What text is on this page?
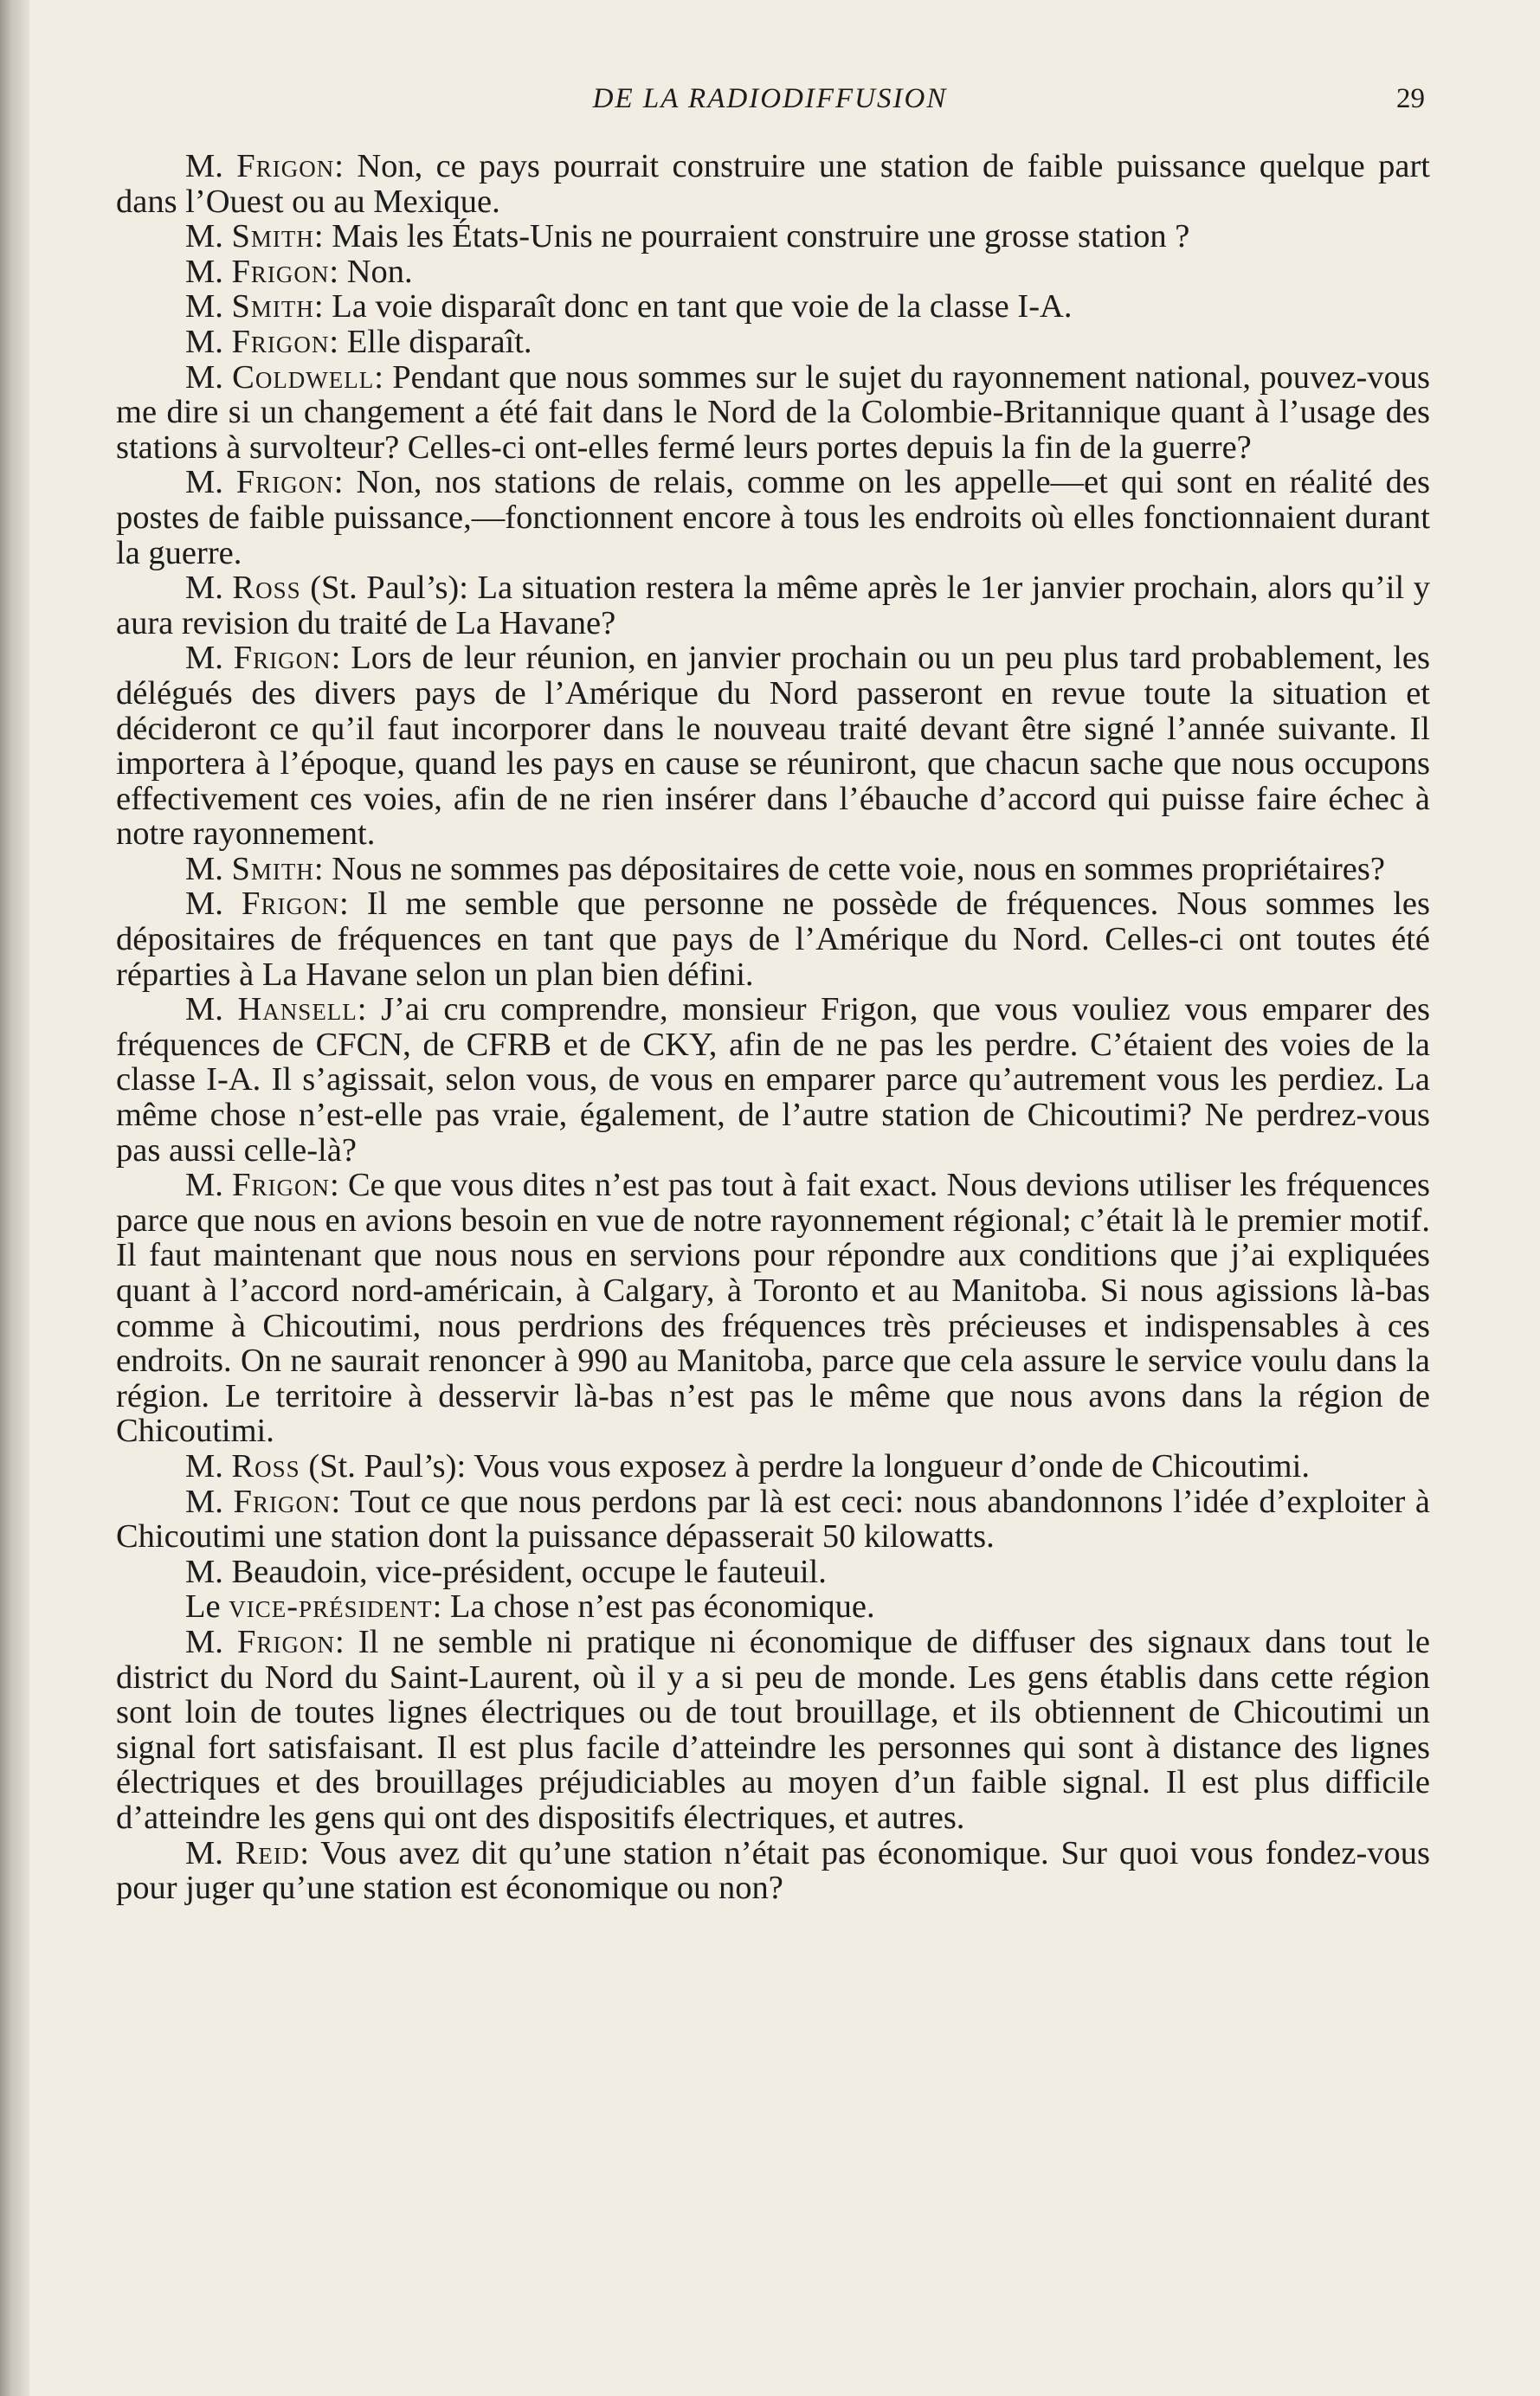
DE LA RADIODIFFUSION	29

M. Frigon: Non, ce pays pourrait construire une station de faible puissance quelque part dans l’Ouest ou au Mexique.

M. Smith: Mais les États-Unis ne pourraient construire une grosse station ?

M. Frigon: Non.

M. Smith: La voie disparaît donc en tant que voie de la classe I-A.

M. Frigon: Elle disparaît.

M. Coldwell: Pendant que nous sommes sur le sujet du rayonnement national, pouvez-vous me dire si un changement a été fait dans le Nord de la Colombie-Britannique quant à l’usage des stations à survolteur? Celles-ci ont-elles fermé leurs portes depuis la fin de la guerre?

M. Frigon: Non, nos stations de relais, comme on les appelle—et qui sont en réalité des postes de faible puissance,—fonctionnent encore à tous les endroits où elles fonctionnaient durant la guerre.

M. Ross (St. Paul’s): La situation restera la même après le 1er janvier prochain, alors qu’il y aura revision du traité de La Havane?

M. Frigon: Lors de leur réunion, en janvier prochain ou un peu plus tard probablement, les délégués des divers pays de l’Amérique du Nord passeront en revue toute la situation et décideront ce qu’il faut incorporer dans le nouveau traité devant être signé l’année suivante. Il importera à l’époque, quand les pays en cause se réuniront, que chacun sache que nous occupons effectivement ces voies, afin de ne rien insérer dans l’ébauche d’accord qui puisse faire échec à notre rayonnement.

M. Smith: Nous ne sommes pas dépositaires de cette voie, nous en sommes propriétaires?

M. Frigon: Il me semble que personne ne possède de fréquences. Nous sommes les dépositaires de fréquences en tant que pays de l’Amérique du Nord. Celles-ci ont toutes été réparties à La Havane selon un plan bien défini.

M. Hansell: J’ai cru comprendre, monsieur Frigon, que vous vouliez vous emparer des fréquences de CFCN, de CFRB et de CKY, afin de ne pas les perdre. C’étaient des voies de la classe I-A. Il s’agissait, selon vous, de vous en emparer parce qu’autrement vous les perdiez. La même chose n’est-elle pas vraie, également, de l’autre station de Chicoutimi? Ne perdrez-vous pas aussi celle-là?

M. Frigon: Ce que vous dites n’est pas tout à fait exact. Nous devions utiliser les fréquences parce que nous en avions besoin en vue de notre rayonnement régional; c’était là le premier motif. Il faut maintenant que nous nous en servions pour répondre aux conditions que j’ai expliquées quant à l’accord nord-américain, à Calgary, à Toronto et au Manitoba. Si nous agissions là-bas comme à Chicoutimi, nous perdrions des fréquences très précieuses et indispensables à ces endroits. On ne saurait renoncer à 990 au Manitoba, parce que cela assure le service voulu dans la région. Le territoire à desservir là-bas n’est pas le même que nous avons dans la région de Chicoutimi.

M. Ross (St. Paul’s): Vous vous exposez à perdre la longueur d’onde de Chicoutimi.

M. Frigon: Tout ce que nous perdons par là est ceci: nous abandonnons l’idée d’exploiter à Chicoutimi une station dont la puissance dépasserait 50 kilowatts.

M. Beaudoin, vice-président, occupe le fauteuil.

Le vice-président: La chose n’est pas économique.

M. Frigon: Il ne semble ni pratique ni économique de diffuser des signaux dans tout le district du Nord du Saint-Laurent, où il y a si peu de monde. Les gens établis dans cette région sont loin de toutes lignes électriques ou de tout brouillage, et ils obtiennent de Chicoutimi un signal fort satisfaisant. Il est plus facile d’atteindre les personnes qui sont à distance des lignes électriques et des brouillages préjudiciables au moyen d’un faible signal. Il est plus difficile d’atteindre les gens qui ont des dispositifs électriques, et autres.

M. Reid: Vous avez dit qu’une station n’était pas économique. Sur quoi vous fondez-vous pour juger qu’une station est économique ou non?
